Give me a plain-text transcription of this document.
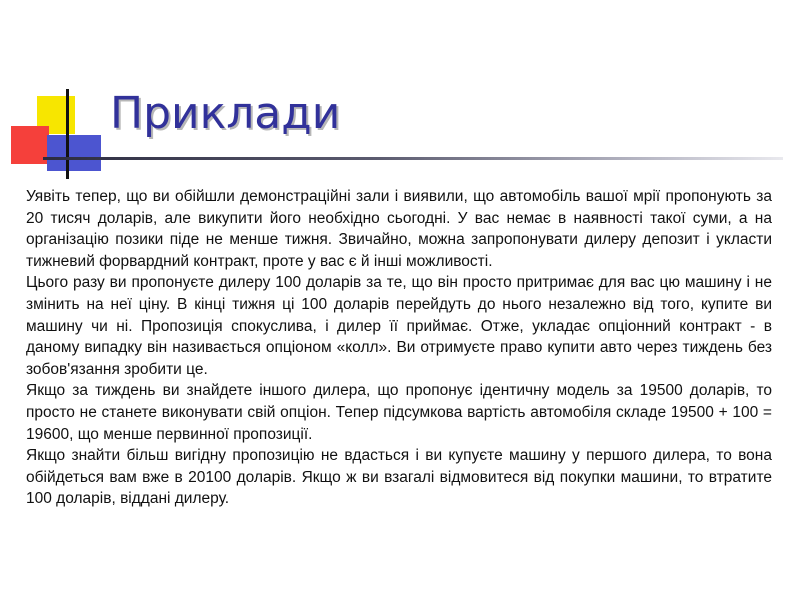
Приклади

Уявіть тепер, що ви обійшли демонстраційні зали і виявили, що автомобіль вашої мрії пропонують за 20 тисяч доларів, але викупити його необхідно сьогодні. У вас немає в наявності такої суми, а на організацію позики піде не менше тижня. Звичайно, можна запропонувати дилеру депозит і укласти тижневий форвардний контракт, проте у вас є й інші можливості.

Цього разу ви пропонуєте дилеру 100 доларів за те, що він просто притримає для вас цю машину і не змінить на неї ціну. В кінці тижня ці 100 доларів перейдуть до нього незалежно від того, купите ви машину чи ні. Пропозиція спокуслива, і дилер її приймає. Отже, укладає опціонний контракт - в даному випадку він називається опціоном «колл». Ви отримуєте право купити авто через тиждень без зобов'язання зробити це.

Якщо за тиждень ви знайдете іншого дилера, що пропонує ідентичну модель за 19500 доларів, то просто не станете виконувати свій опціон. Тепер підсумкова вартість автомобіля складе 19500 + 100 = 19600, що менше первинної пропозиції.

Якщо знайти більш вигідну пропозицію не вдасться і ви купуєте машину у першого дилера, то вона обійдеться вам вже в 20100 доларів. Якщо ж ви взагалі відмовитеся від покупки машини, то втратите 100 доларів, віддані дилеру.
